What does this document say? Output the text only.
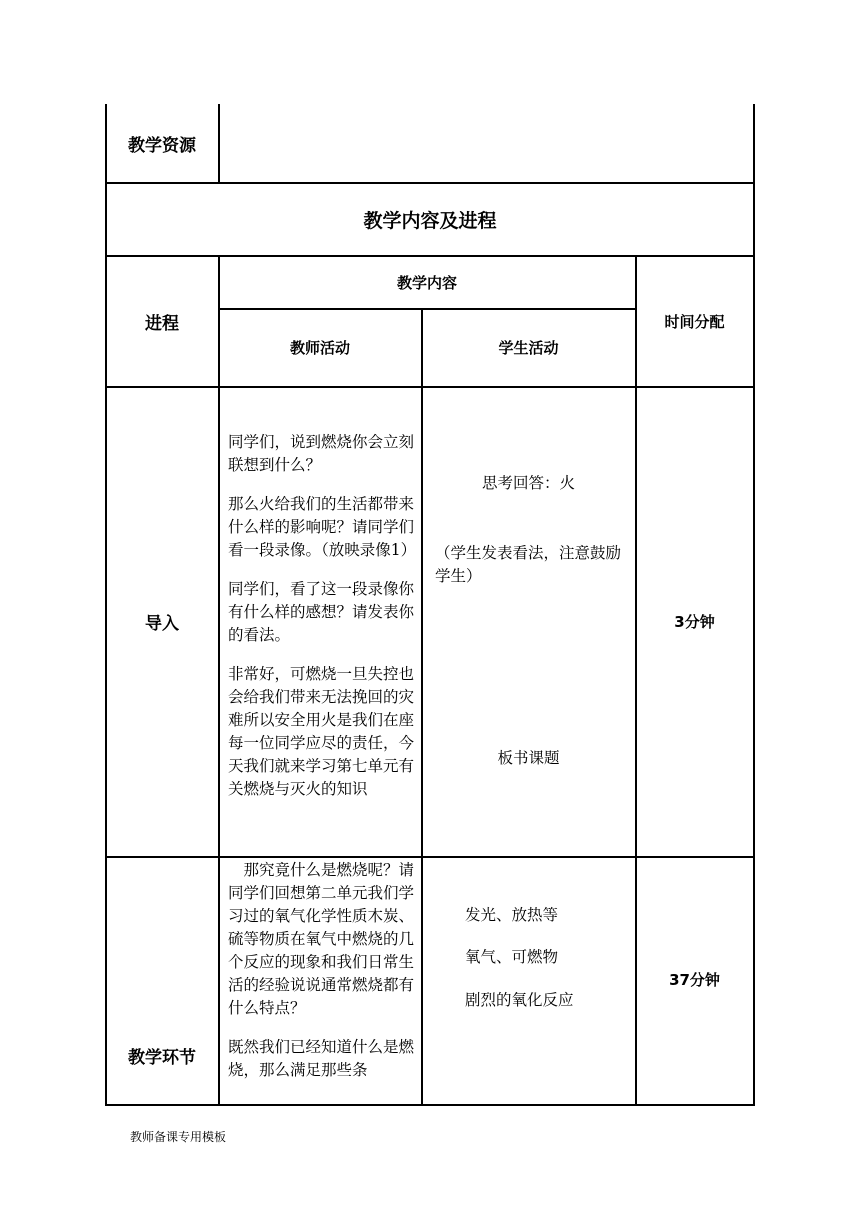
教学资源
教学内容及进程
进程
教学内容
教师活动	学生活动
时间分配
导入

同学们，说到燃烧你会立刻联想到什么？

那么火给我们的生活都带来什么样的影响呢？请同学们看一段录像。（放映录像1）

同学们，看了这一段录像你有什么样的感想？请发表你的看法。

非常好，可燃烧一旦失控也会给我们带来无法挽回的灾难所以安全用火是我们在座每一位同学应尽的责任，今天我们就来学习第七单元有关燃烧与灭火的知识

思考回答：火
（学生发表看法，注意鼓励学生）
板书课题
3分钟
教学环节

那究竟什么是燃烧呢？请同学们回想第二单元我们学习过的氧气化学性质木炭、硫等物质在氧气中燃烧的几个反应的现象和我们日常生活的经验说说通常燃烧都有什么特点？

既然我们已经知道什么是燃烧，那么满足那些条

发光、放热等
氧气、可燃物
剧烈的氧化反应
37分钟
教师备课专用模板
